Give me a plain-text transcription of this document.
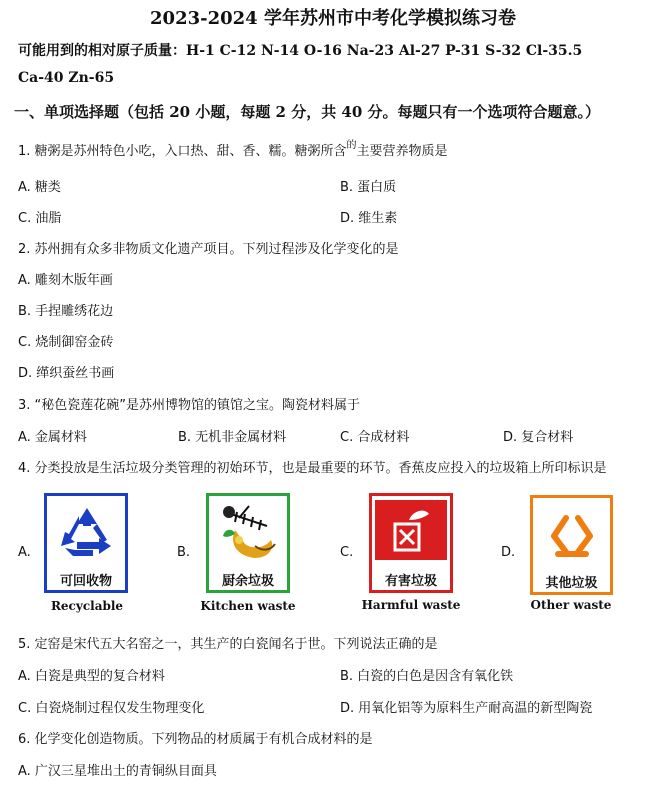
2023-2024 学年苏州市中考化学模拟练习卷
可能用到的相对原子质量：H-1 C-12 N-14 O-16 Na-23 Al-27 P-31 S-32 Cl-35.5
Ca-40 Zn-65
一、单项选择题（包括 20 小题，每题 2 分，共 40 分。每题只有一个选项符合题意。）
1. 糖粥是苏州特色小吃，入口热、甜、香、糯。糖粥所含$^的$主要营养物质是
A. 糖类	B. 蛋白质
C. 油脂	D. 维生素
2. 苏州拥有众多非物质文化遗产项目。下列过程涉及化学变化的是
A. 雕刻木版年画
B. 手捏雕绣花边
C. 烧制御窑金砖
D. 缂织蚕丝书画
3. “秘色瓷莲花碗”是苏州博物馆的镇馆之宝。陶瓷材料属于
A. 金属材料	B. 无机非金属材料	C. 合成材料	D. 复合材料
4. 分类投放是生活垃圾分类管理的初始环节，也是最重要的环节。香蕉皮应投入的垃圾箱上所印标识是
A.
可回收物
Recyclable
B.
厨余垃圾
Kitchen waste
C.
有害垃圾
Harmful waste
D.
其他垃圾
Other waste
5. 定窑是宋代五大名窑之一，其生产的白瓷闻名于世。下列说法正确的是
A. 白瓷是典型的复合材料	B. 白瓷的白色是因含有氧化铁
C. 白瓷烧制过程仅发生物理变化	D. 用氧化铝等为原料生产耐高温的新型陶瓷
6. 化学变化创造物质。下列物品的材质属于有机合成材料的是
A. 广汉三星堆出土的青铜纵目面具
